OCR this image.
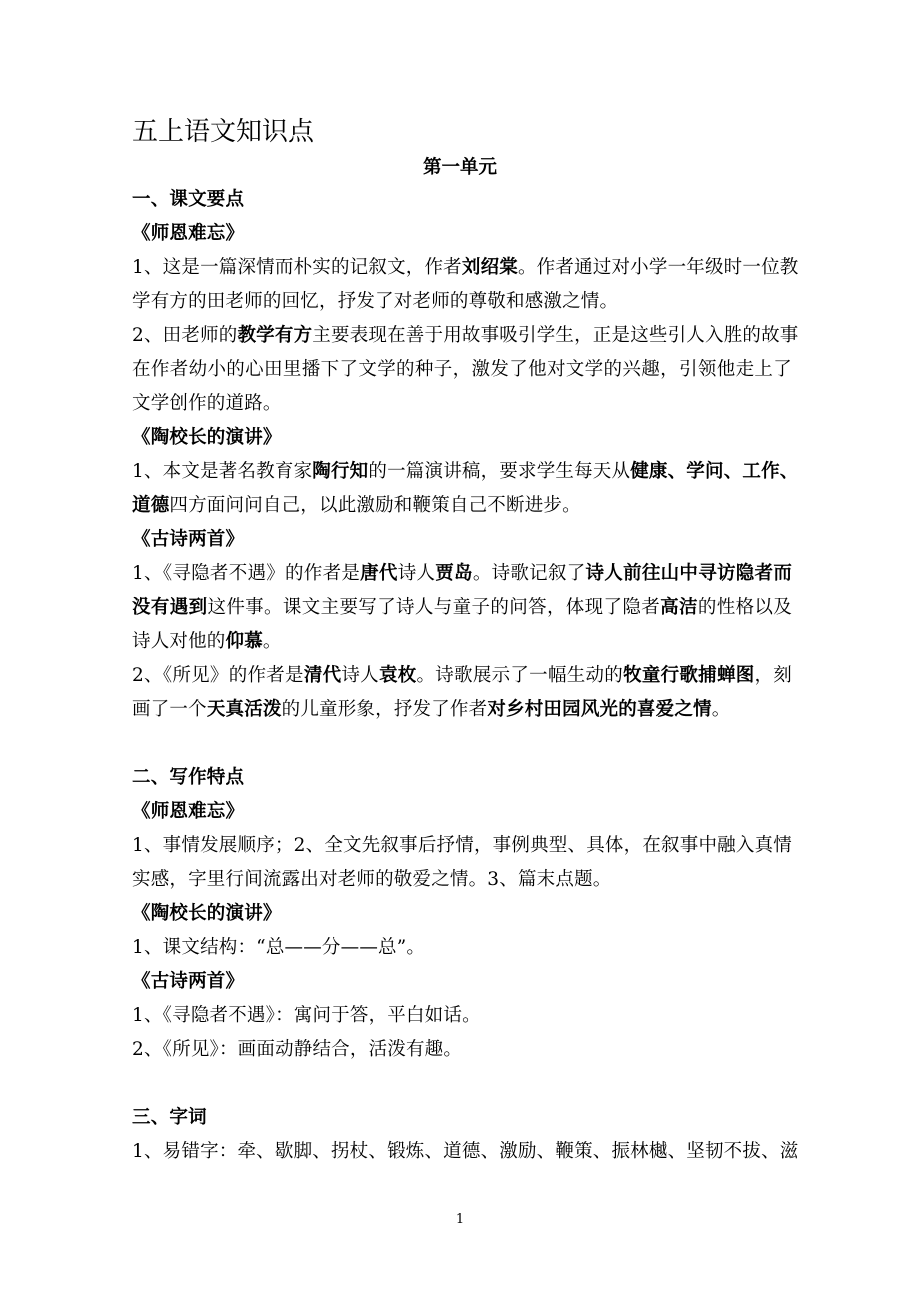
五上语文知识点
第一单元
一、课文要点
《师恩难忘》
1、这是一篇深情而朴实的记叙文，作者刘绍棠。作者通过对小学一年级时一位教
学有方的田老师的回忆，抒发了对老师的尊敬和感激之情。
2、田老师的教学有方主要表现在善于用故事吸引学生，正是这些引人入胜的故事
在作者幼小的心田里播下了文学的种子，激发了他对文学的兴趣，引领他走上了
文学创作的道路。
《陶校长的演讲》
1、本文是著名教育家陶行知的一篇演讲稿，要求学生每天从健康、学问、工作、
道德四方面问问自己，以此激励和鞭策自己不断进步。
《古诗两首》
1、《寻隐者不遇》的作者是唐代诗人贾岛。诗歌记叙了诗人前往山中寻访隐者而
没有遇到这件事。课文主要写了诗人与童子的问答，体现了隐者高洁的性格以及
诗人对他的仰慕。
2、《所见》的作者是清代诗人袁枚。诗歌展示了一幅生动的牧童行歌捕蝉图，刻
画了一个天真活泼的儿童形象，抒发了作者对乡村田园风光的喜爱之情。
二、写作特点
《师恩难忘》
1、事情发展顺序；2、全文先叙事后抒情，事例典型、具体，在叙事中融入真情
实感，字里行间流露出对老师的敬爱之情。3、篇末点题。
《陶校长的演讲》
1、课文结构：“总——分——总”。
《古诗两首》
1、《寻隐者不遇》：寓问于答，平白如话。
2、《所见》：画面动静结合，活泼有趣。
三、字词
1、易错字：牵、歇脚、拐杖、锻炼、道德、激励、鞭策、振林樾、坚韧不拔、滋
1
